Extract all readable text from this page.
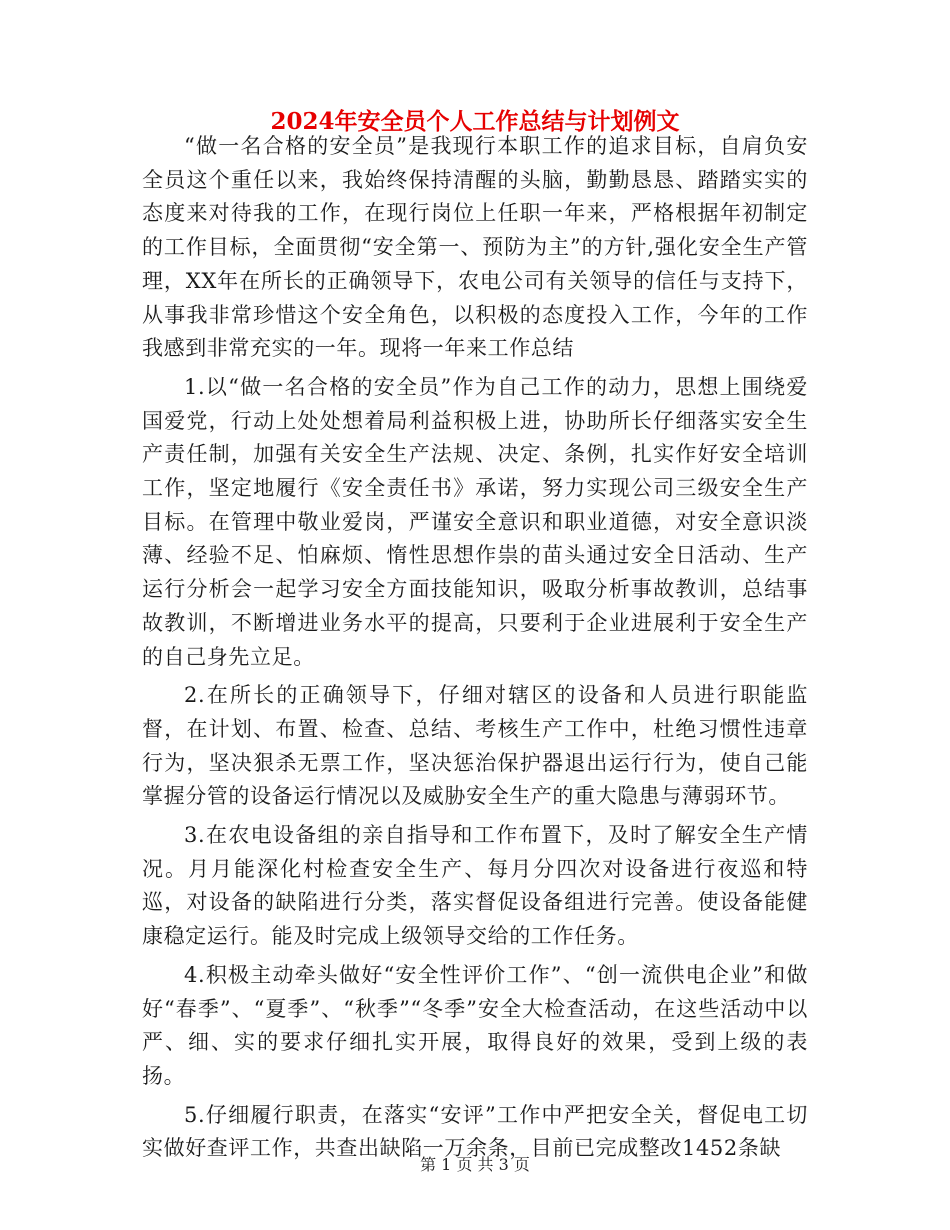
2024年安全员个人工作总结与计划例文

“做一名合格的安全员”是我现行本职工作的追求目标，自肩负安全员这个重任以来，我始终保持清醒的头脑，勤勤恳恳、踏踏实实的态度来对待我的工作，在现行岗位上任职一年来，严格根据年初制定的工作目标，全面贯彻“安全第一、预防为主”的方针,强化安全生产管理，XX年在所长的正确领导下，农电公司有关领导的信任与支持下，从事我非常珍惜这个安全角色，以积极的态度投入工作，今年的工作我感到非常充实的一年。现将一年来工作总结

1.以“做一名合格的安全员”作为自己工作的动力，思想上围绕爱国爱党，行动上处处想着局利益积极上进，协助所长仔细落实安全生产责任制，加强有关安全生产法规、决定、条例，扎实作好安全培训工作，坚定地履行《安全责任书》承诺，努力实现公司三级安全生产目标。在管理中敬业爱岗，严谨安全意识和职业道德，对安全意识淡薄、经验不足、怕麻烦、惰性思想作祟的苗头通过安全日活动、生产运行分析会一起学习安全方面技能知识，吸取分析事故教训，总结事故教训，不断增进业务水平的提高，只要利于企业进展利于安全生产的自己身先立足。

2.在所长的正确领导下，仔细对辖区的设备和人员进行职能监督，在计划、布置、检查、总结、考核生产工作中，杜绝习惯性违章行为，坚决狠杀无票工作，坚决惩治保护器退出运行行为，使自己能掌握分管的设备运行情况以及威胁安全生产的重大隐患与薄弱环节。

3.在农电设备组的亲自指导和工作布置下，及时了解安全生产情况。月月能深化村检查安全生产、每月分四次对设备进行夜巡和特巡，对设备的缺陷进行分类，落实督促设备组进行完善。使设备能健康稳定运行。能及时完成上级领导交给的工作任务。

4.积极主动牵头做好“安全性评价工作”、“创一流供电企业”和做好“春季”、“夏季”、“秋季”“冬季”安全大检查活动，在这些活动中以严、细、实的要求仔细扎实开展，取得良好的效果，受到上级的表扬。

5.仔细履行职责，在落实“安评”工作中严把安全关，督促电工切实做好查评工作，共查出缺陷一万余条，目前已完成整改1452条缺

第 1 页 共 3 页
